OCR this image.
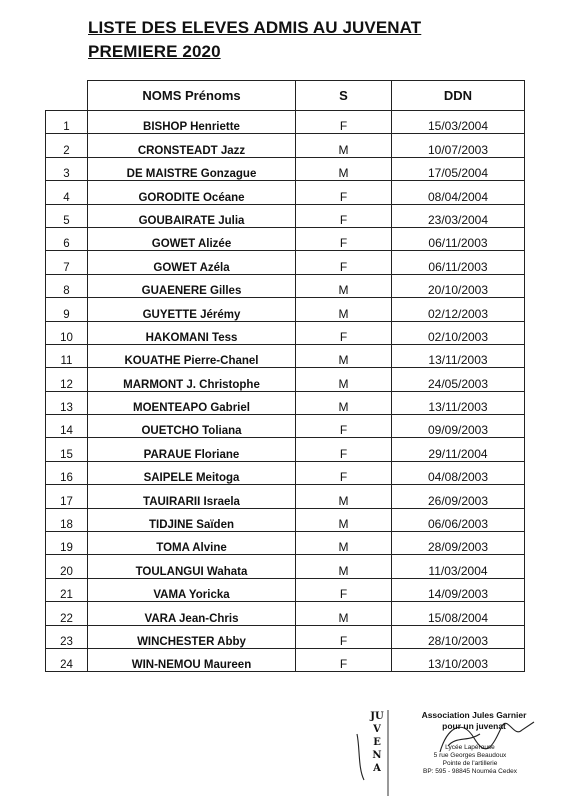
LISTE DES ELEVES ADMIS AU JUVENAT
PREMIERE 2020
	NOMS Prénoms	S	DDN
1	BISHOP Henriette	F	15/03/2004
2	CRONSTEADT Jazz	M	10/07/2003
3	DE MAISTRE Gonzague	M	17/05/2004
4	GORODITE Océane	F	08/04/2004
5	GOUBAIRATE Julia	F	23/03/2004
6	GOWET Alizée	F	06/11/2003
7	GOWET Azéla	F	06/11/2003
8	GUAENERE Gilles	M	20/10/2003
9	GUYETTE Jérémy	M	02/12/2003
10	HAKOMANI Tess	F	02/10/2003
11	KOUATHE Pierre-Chanel	M	13/11/2003
12	MARMONT J. Christophe	M	24/05/2003
13	MOENTEAPO Gabriel	M	13/11/2003
14	OUETCHO Toliana	F	09/09/2003
15	PARAUE Floriane	F	29/11/2004
16	SAIPELE Meitoga	F	04/08/2003
17	TAUIRARII Israela	M	26/09/2003
18	TIDJINE Saïden	M	06/06/2003
19	TOMA Alvine	M	28/09/2003
20	TOULANGUI Wahata	M	11/03/2004
21	VAMA Yoricka	F	14/09/2003
22	VARA Jean-Chris	M	15/08/2004
23	WINCHESTER Abby	F	28/10/2003
24	WIN-NEMOU Maureen	F	13/10/2003
JUVENA
Association Jules Garnier
pour un juvenat
Lycée Lapérouse
5 rue Georges Beaudoux
Pointe de l'artillerie
BP: 595 - 98845 Nouméa Cedex
